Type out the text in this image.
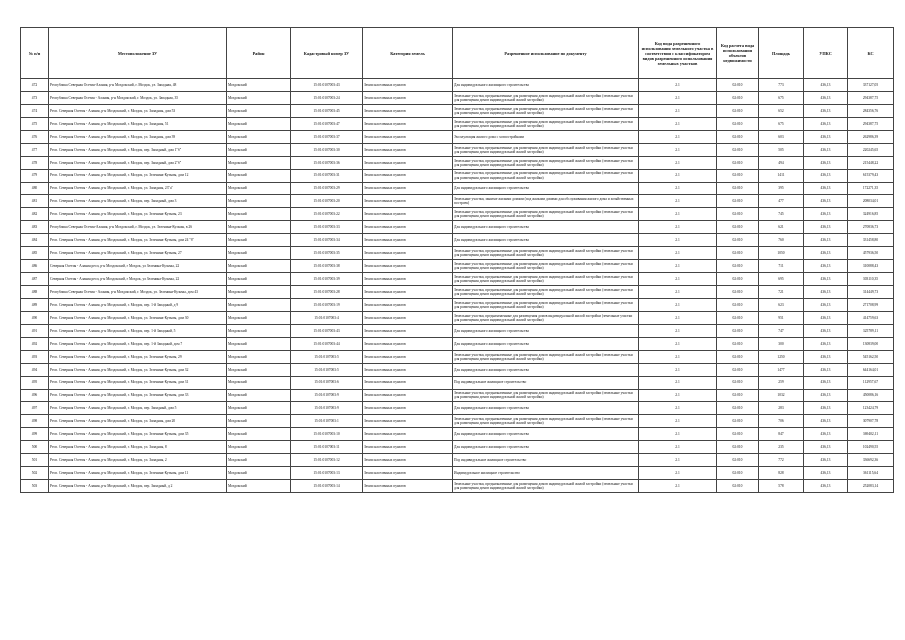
№ п/п	Местоположение ЗУ	Район	Кадастровый номер ЗУ	Категория земель	Разрешенное использование по документу	Код вида разрешенного использования земельного участка в соответствии с классификатором видов разрешенного использования земельных участков	Код расчета вида использования объектов недвижимости	Площадь	УПКС	КС
472	Республика Северная Осетия-Алания, р-н Моздокский, г. Моздок, ул. Западная, 48	Моздокский	15:01:0107003:43	Земли населенных пунктов	Для индивидуального жилищного строительства	2.1	02:010	773	436,13	337127,05
473	Республика Северная Осетия - Алания, р-н Моздокский, г. Моздок, ул. Западная, 35	Моздокский	15:01:0107003:24	Земли населенных пунктов	Земельные участки, предназначенные для размещения домов индивидуальной жилой застройки (земельные участки для размещения домов индивидуальной жилой застройки)	2.1	02:010	675	436,13	294387,75
474	Респ. Северная Осетия - Алания, р-н Моздокский, г. Моздок, ул. Западная, дом 53	Моздокский	15:01:0107003:45	Земли населенных пунктов	Земельные участки, предназначенные для размещения домов индивидуальной жилой застройки (земельные участки для размещения домов индивидуальной жилой застройки)	2.1	02:010	652	436,13	284356,76
475	Респ. Северная Осетия - Алания, р-н Моздокский, г. Моздок, ул. Западная, 51	Моздокский	15:01:0107003:47	Земли населенных пунктов	Земельные участки, предназначенные для размещения домов индивидуальной жилой застройки (земельные участки для размещения домов индивидуальной жилой застройки)	2.1	02:010	675	436,13	294387,75
476	Респ. Северная Осетия - Алания, р-н Моздокский, г. Моздок, ул. Западная, дом 39	Моздокский	15:01:0107003:37	Земли населенных пунктов	Эксплуатация жилого дома с хозпостройками	2.1	02:010	603	436,13	262986,39
477	Респ. Северная Осетия - Алания, р-н Моздокский, г. Моздок, пер. Западный, дом 1"б"	Моздокский	15:01:0107003:30	Земли населенных пунктов	Земельные участки, предназначенные для размещения домов индивидуальной жилой застройки (земельные участки для размещения домов индивидуальной жилой застройки)	2.1	02:010	505	436,13	220245,65
478	Респ. Северная Осетия - Алания, р-н Моздокский, г. Моздок, пер. Западный, дом 2"б"	Моздокский	15:01:0107003:36	Земли населенных пунктов	Земельные участки, предназначенные для размещения домов индивидуальной жилой застройки (земельные участки для размещения домов индивидуальной жилой застройки)	2.1	02:010	494	436,13	215448,22
479	Респ. Северная Осетия - Алания, р-н Моздокский, г. Моздок, ул. Зеленина-Кузьмы, дом 12	Моздокский	15:01:0107003:31	Земли населенных пунктов	Земельные участки, предназначенные для размещения домов индивидуальной жилой застройки (земельные участки для размещения домов индивидуальной жилой застройки)	2.1	02:010	1411	436,13	615379,43
480	Респ. Северная Осетия - Алания, р-н Моздокский, г. Моздок, ул. Западная, 23"а"	Моздокский	15:01:0107003:29	Земли населенных пунктов	Для индивидуального жилищного строительства	2.1	02:010	395	436,13	172271,35
481	Респ. Северная Осетия - Алания, р-н Моздокский, г. Моздок, пер. Западный, дом 3	Моздокский	15:01:0107003:20	Земли населенных пунктов	Земельные участки, занятые жилыми домами (под жилыми домами для обслуживания жилого дома и хозяйственных построек)	2.1	02:010	477	436,13	208034,01
482	Респ. Северная Осетия - Алания, р-н Моздокский, г. Моздок, ул. Зеленина-Кузьмы, 23	Моздокский	15:01:0107003:22	Земли населенных пунктов	Земельные участки, предназначенные для размещения домов индивидуальной жилой застройки (земельные участки для размещения домов индивидуальной жилой застройки)	2.1	02:010	745	436,13	324916,85
483	Республика Северная Осетия-Алания, р-н Моздокский, г. Моздок, ул. Зеленина-Кузьмы, в 26	Моздокский	15:01:0107003:33	Земли населенных пунктов	Для индивидуального жилищного строительства	2.1	02:010	621	436,13	270836,73
484	Респ. Северная Осетия - Алания, р-н Моздокский, г. Моздок, ул. Зеленина-Кузьмы, дом 24 "б"	Моздокский	15:01:0107003:34	Земли населенных пунктов	Для индивидуального жилищного строительства	2.1	02:010	760	436,13	331458,80
485	Респ. Северная Осетия - Алания, р-н Моздокский, г. Моздок, ул. Зеленина-Кузьмы, 27	Моздокский	15:01:0107003:35	Земли населенных пунктов	Земельные участки, предназначенные для размещения домов индивидуальной жилой застройки (земельные участки для размещения домов индивидуальной жилой застройки)	2.1	02:010	1050	436,13	457936,50
486	Северная Осетия - Алания респ, р-н Моздокский, г Моздок, ул Зеленина-Кузьмы, 22	Моздокский	15:01:0107003:38	Земли населенных пунктов	Земельные участки, предназначенные для размещения домов индивидуальной жилой застройки (земельные участки для размещения домов индивидуальной жилой застройки)	2.1	02:010	711	436,13	310088,43
487	Северная Осетия - Алания респ, р-н Моздокский, г Моздок, ул Зеленина-Кузьмы, 22	Моздокский	15:01:0107003:39	Земли населенных пунктов	Земельные участки, предназначенные для размещения домов индивидуальной жилой застройки (земельные участки для размещения домов индивидуальной жилой застройки)	2.1	02:010	695	436,13	303110,35
488	Республика Северная Осетия - Алания, р-н Моздокский, г. Моздок, ул. Зеленина-Кузьмы, дом 43	Моздокский	15:01:0107003:28	Земли населенных пунктов	Земельные участки, предназначенные для размещения домов индивидуальной жилой застройки (земельные участки для размещения домов индивидуальной жилой застройки)	2.1	02:010	721	436,13	314449,73
489	Респ. Северная Осетия - Алания, р-н Моздокский, г. Моздок, пер. 1-й Западный, д 9	Моздокский	15:01:0107003:19	Земли населенных пунктов	Земельные участки, предназначенные для размещения домов индивидуальной жилой застройки (земельные участки для размещения домов индивидуальной жилой застройки)	2.1	02:010	623	436,13	271708,99
490	Респ. Северная Осетия - Алания, р-н Моздокский, г. Моздок, ул. Зеленина-Кузьмы, дом 30	Моздокский	15:01:0107003:4	Земли населенных пунктов	Земельные участки, предназачаенные для размещения домов индивидуальной жилой застройки (земельные участки для размещения домов индивидуальной жилой застройки)	2.1	02:010	951	436,13	414759,63
491	Респ. Северная Осетия - Алания, р-н Моздокский, г. Моздок, пер. 1-й Западный, 5	Моздокский	15:01:0107003:43	Земли населенных пунктов	Для индивидуального жилищного строительства	2.1	02:010	747	436,13	325789,11
492	Респ. Северная Осетия - Алания, р-н Моздокский, г. Моздок, пер. 1-й Западный, дом 7	Моздокский	15:01:0107003:44	Земли населенных пунктов	Для индивидуального жилищного строительства	2.1	02:010	300	436,13	130839,00
493	Респ. Северная Осетия - Алания, р-н Моздокский, г. Моздок, ул. Зеленина-Кузьмы, 29	Моздокский	15:01:0107003:5	Земли населенных пунктов	Земельные участки, предназначенные для размещения домов индивидуальной жилой застройки (земельные участки для размещения домов индивидуальной жилой застройки)	2.1	02:010	1250	436,13	545162,50
494	Респ. Северная Осетия - Алания, р-н Моздокский, г. Моздок, ул. Зеленина-Кузьмы, дом 32	Моздокский	15:01:0107003:5	Земли населенных пунктов	Для индивидуального жилищного строительства	2.1	02:010	1477	436,13	644164,01
495	Респ. Северная Осетия - Алания, р-н Моздокский, г. Моздок, ул. Зеленина-Кузьмы, дом 31	Моздокский	15:01:0107003:6	Земли населенных пунктов	Под индивидуальное жилищное строительство	2.1	02:010	259	436,13	112957,67
496	Респ. Северная Осетия - Алания, р-н Моздокский, г. Моздок, ул. Зеленина-Кузьмы, дом 33	Моздокский	15:01:0107003:9	Земли населенных пунктов	Земельные участки, предназначенные для размещения домов индивидуальной жилой застройки (земельные участки для размещения домов индивидуальной жилой застройки)	2.1	02:010	1032	436,13	450086,16
497	Респ. Северная Осетия - Алания, р-н Моздокский, г. Моздок, пер. Западный, дом 5	Моздокский	15:01:0107003:9	Земли населенных пунктов	Для индивидуального жилищного строительства	2.1	02:010	283	436,13	123424,79
498	Респ. Северная Осетия - Алания, р-н Моздокский, г. Моздок, ул. Западная, дом 20	Моздокский	15:01:0107003:1	Земли населенных пунктов	Земельные участки, предназначенные для размещения домов индивидуальной жилой застройки (земельные участки для размещения домов индивидуальной жилой застройки)	2.1	02:010	706	436,13	307907,78
499	Респ. Северная Осетия - Алания, р-н Моздокский, г. Моздок, ул. Зеленина-Кузьмы, дом 35	Моздокский	15:01:0107003:10	Земли населенных пунктов	Для индивидуального жилищного строительства	2.1	02:010	847	436,13	369402,11
500	Респ. Северная Осетия - Алания, р-н Моздокский, г. Моздок, ул. Западная, 8	Моздокский	15:01:0107003:11	Земли населенных пунктов	Для индивидуального жилищного строительства	2.1	02:010	235	436,13	102490,55
501	Респ. Северная Осетия - Алания, р-н Моздокский, г. Моздок, ул. Западная, 2	Моздокский	15:01:0107003:12	Земли населенных пунктов	Под индивидуальное жилищное строительство	2.1	02:010	772	436,13	336692,36
502	Респ. Северная Осетия - Алания, р-н Моздокский, г. Моздок, ул. Зеленина-Кузьмы, дом 11	Моздокский	15:01:0107003:13	Земли населенных пунктов	Индивидуальное жилищное строительство	2.1	02:010	828	436,13	361115,64
503	Респ. Северная Осетия - Алания, р-н Моздокский, г. Моздок, пер. Западный, д 2	Моздокский	15:01:0107003:14	Земли населенных пунктов	Земельные участки, предназначенные для размещения домов индивидуальной жилой застройки (земельные участки для размещения домов индивидуальной жилой застройки)	2.1	02:010	578	436,13	252083,14
